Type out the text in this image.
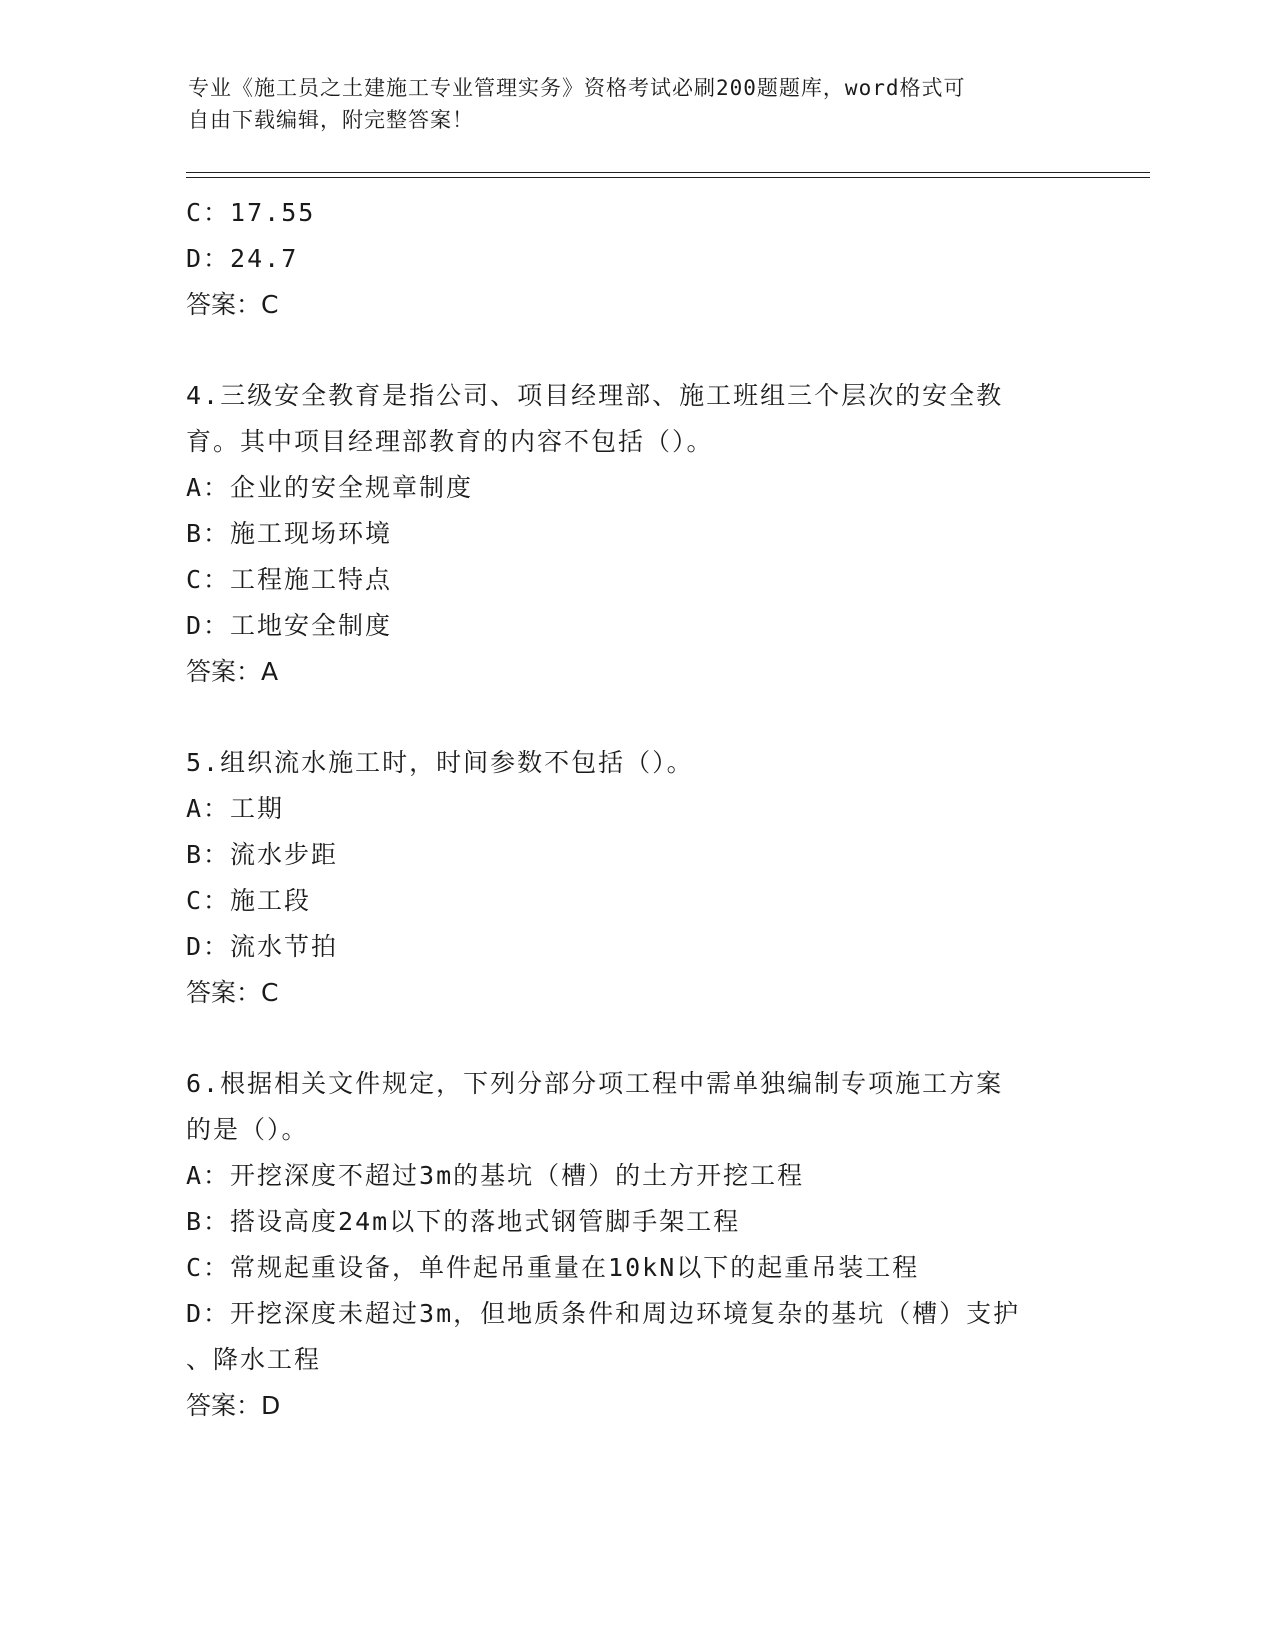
专业《施工员之土建施工专业管理实务》资格考试必刷200题题库，word格式可
自由下载编辑，附完整答案！
C：17.55
D：24.7
答案：C
4.三级安全教育是指公司、项目经理部、施工班组三个层次的安全教
育。其中项目经理部教育的内容不包括（）。
A：企业的安全规章制度
B：施工现场环境
C：工程施工特点
D：工地安全制度
答案：A
5.组织流水施工时，时间参数不包括（）。
A：工期
B：流水步距
C：施工段
D：流水节拍
答案：C
6.根据相关文件规定，下列分部分项工程中需单独编制专项施工方案
的是（）。
A：开挖深度不超过3m的基坑（槽）的土方开挖工程
B：搭设高度24m以下的落地式钢管脚手架工程
C：常规起重设备，单件起吊重量在10kN以下的起重吊装工程
D：开挖深度未超过3m，但地质条件和周边环境复杂的基坑（槽）支护
、降水工程
答案：D
